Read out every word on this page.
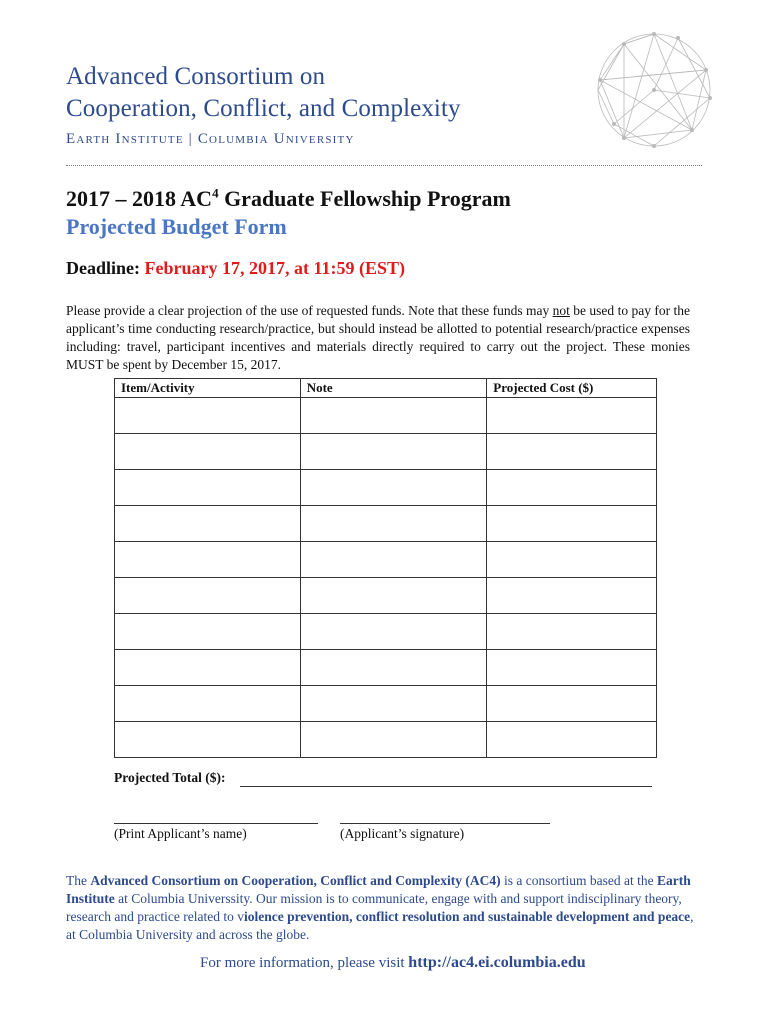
Advanced Consortium on
Cooperation, Conflict, and Complexity
Earth Institute | Columbia University
2017 – 2018 $AC^4$ Graduate Fellowship Program
Projected Budget Form
Deadline: February 17, 2017, at 11:59 (EST)
Please provide a clear projection of the use of requested funds. Note that these funds may not be used to pay for the applicant’s time conducting research/practice, but should instead be allotted to potential research/practice expenses including: travel, participant incentives and materials directly required to carry out the project. These monies MUST be spent by December 15, 2017.
Item/Activity	Note	Projected Cost ($)

Projected Total ($):
(Print Applicant’s name)	(Applicant’s signature)
The Advanced Consortium on Cooperation, Conflict and Complexity (AC4) is a consortium based at the Earth Institute at Columbia Universsity. Our mission is to communicate, engage with and support indisciplinary theory, research and practice related to violence prevention, conflict resolution and sustainable development and peace, at Columbia University and across the globe.
For more information, please visit http://ac4.ei.columbia.edu
